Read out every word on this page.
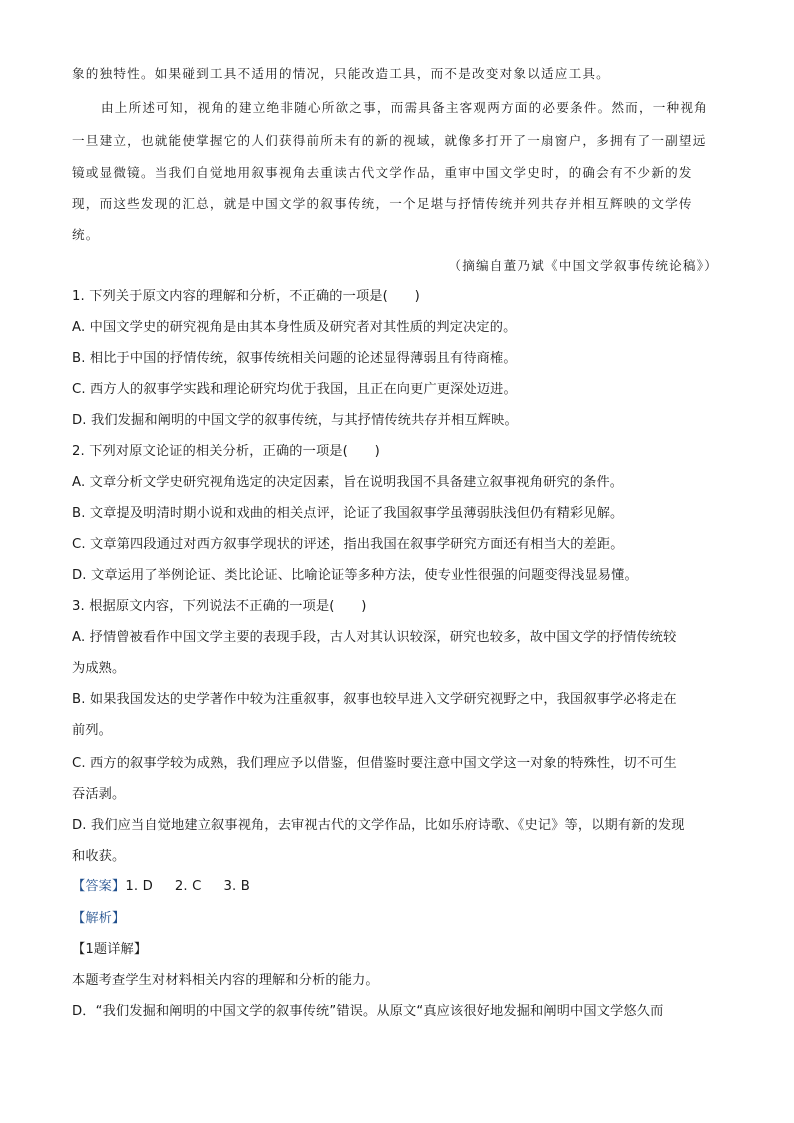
象的独特性。如果碰到工具不适用的情况，只能改造工具，而不是改变对象以适应工具。
由上所述可知，视角的建立绝非随心所欲之事，而需具备主客观两方面的必要条件。然而，一种视角
一旦建立，也就能使掌握它的人们获得前所未有的新的视域，就像多打开了一扇窗户，多拥有了一副望远
镜或显微镜。当我们自觉地用叙事视角去重读古代文学作品，重审中国文学史时，的确会有不少新的发
现，而这些发现的汇总，就是中国文学的叙事传统，一个足堪与抒情传统并列共存并相互辉映的文学传
统。
（摘编自董乃斌《中国文学叙事传统论稿》）
1. 下列关于原文内容的理解和分析，不正确的一项是(　　)
A. 中国文学史的研究视角是由其本身性质及研究者对其性质的判定决定的。
B. 相比于中国的抒情传统，叙事传统相关问题的论述显得薄弱且有待商榷。
C. 西方人的叙事学实践和理论研究均优于我国，且正在向更广更深处迈进。
D. 我们发掘和阐明的中国文学的叙事传统，与其抒情传统共存并相互辉映。
2. 下列对原文论证的相关分析，正确的一项是(　　)
A. 文章分析文学史研究视角选定的决定因素，旨在说明我国不具备建立叙事视角研究的条件。
B. 文章提及明清时期小说和戏曲的相关点评，论证了我国叙事学虽薄弱肤浅但仍有精彩见解。
C. 文章第四段通过对西方叙事学现状的评述，指出我国在叙事学研究方面还有相当大的差距。
D. 文章运用了举例论证、类比论证、比喻论证等多种方法，使专业性很强的问题变得浅显易懂。
3. 根据原文内容，下列说法不正确的一项是(　　)
A. 抒情曾被看作中国文学主要的表现手段，古人对其认识较深，研究也较多，故中国文学的抒情传统较
为成熟。
B. 如果我国发达的史学著作中较为注重叙事，叙事也较早进入文学研究视野之中，我国叙事学必将走在
前列。
C. 西方的叙事学较为成熟，我们理应予以借鉴，但借鉴时要注意中国文学这一对象的特殊性，切不可生
吞活剥。
D. 我们应当自觉地建立叙事视角，去审视古代的文学作品，比如乐府诗歌、《史记》等，以期有新的发现
和收获。
【答案】1. D 2. C 3. B
【解析】
【1题详解】
本题考查学生对材料相关内容的理解和分析的能力。
D．“我们发掘和阐明的中国文学的叙事传统”错误。从原文“真应该很好地发掘和阐明中国文学悠久而
